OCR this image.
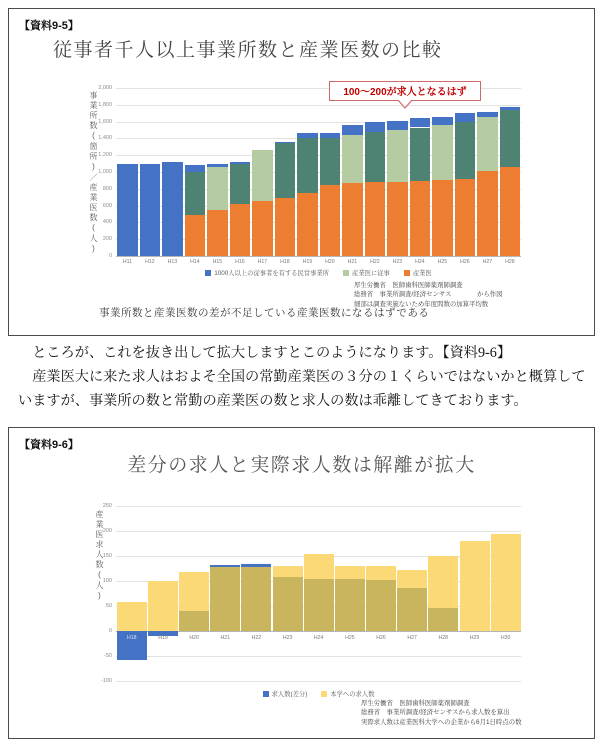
【資料9-5】
従事者千人以上事業所数と産業医数の比較
事業所数(箇所)／産業医数(人)
2,000
1,800
1,600
1,400
1,200
1,000
800
600
400
200
0
H11	H12	H13	H14	H15	H16	H17	H18	H19	H20	H21	H22	H23	H24	H25	H26	H27	H28
100～200が求人となるはず
1000人以上の従事者を有する民営事業所	産業医に従事	産業医
厚生労働省　医師歯科医師薬剤師調査
総務省　事業所調査/経済センサス　　　　から作図
細部は調査実施ないため年度間数の加算平均数
事業所数と産業医数の差が不足している産業医数になるはずである
　ところが、これを抜き出して拡大しますとこのようになります。【資料9-6】
　産業医大に来た求人はおよそ全国の常勤産業医の３分の１くらいではないかと概算して
いますが、事業所の数と常勤の産業医の数と求人の数は乖離してきております。
【資料9-6】
差分の求人と実際求人数は解離が拡大
産業医求人数(人)
250
200
150
100
50
0
-50
-100
H18	H19	H20	H21	H22	H23	H24	H25	H26	H27	H28	H29	H30
求人数(差分)	本学への求人数
厚生労働省　医師歯科医師薬剤師調査
総務省　事業所調査/経済センサスから求人数を算出
実際求人数は産業医科大学への企業から6月1日時点の数
